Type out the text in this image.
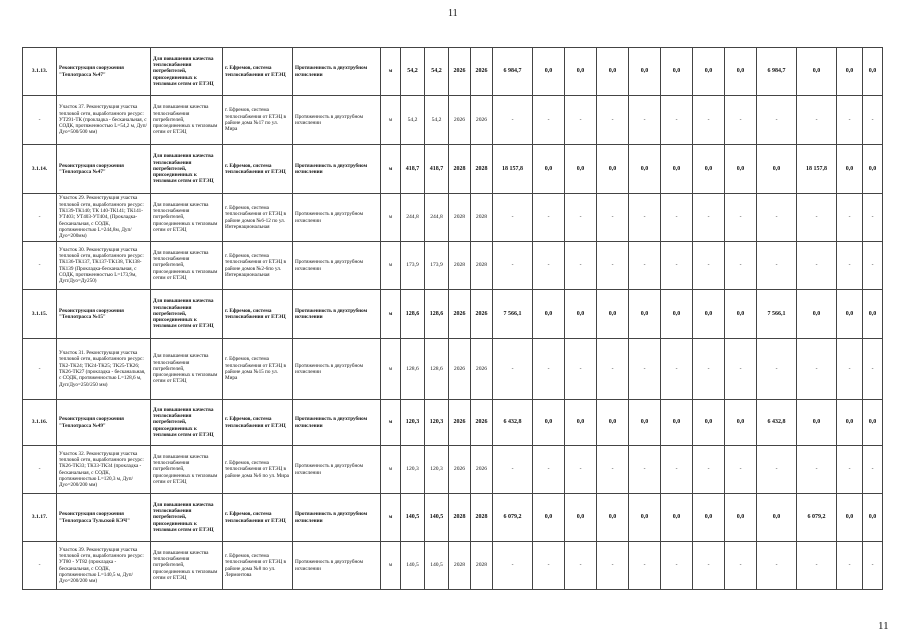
11
3.1.13.	Реконструкция сооружения "Теплотрасса №47"	Для повышения качества теплоснабжения потребителей, присоединенных к тепловым сетям от ЕТЭЦ	г. Ефремов, система теплоснабжения от ЕТЭЦ	Протяженность в двухтрубном исчислении	м	54,2	54,2	2026	2026	6 984,7	0,0	0,0	0,0	0,0	0,0	0,0	0,0	6 984,7	0,0	0,0	0,0
-	Участок 37. Реконструкция участка тепловой сети, выработанного ресурс: УТ291-ТК (прокладка - бесканальная, с СОДК, протяженностью L=54,2 м, Дуп/Дуо=500/500 мм)	Для повышения качества теплоснабжения потребителей, присоединенных к тепловым сетям от ЕТЭЦ	г. Ефремов, система теплоснабжения от ЕТЭЦ в районе дома №17 по ул. Мира	Протяженность в двухтрубном исчислении	м	54,2	54,2	2026	2026	-	-	-	-	-	-	-	-	-	-	-	-
3.1.14.	Реконструкция сооружения "Теплотрасса №47"	Для повышения качества теплоснабжения потребителей, присоединенных к тепловым сетям от ЕТЭЦ	г. Ефремов, система теплоснабжения от ЕТЭЦ	Протяженность в двухтрубном исчислении	м	418,7	418,7	2028	2028	18 157,8	0,0	0,0	0,0	0,0	0,0	0,0	0,0	0,0	18 157,8	0,0	0,0
-	Участок 29. Реконструкция участка тепловой сети, выработанного ресурс: ТК139-ТК140; ТК 140-ТК141; ТК141-УТ403; УТ403-УТ404, (Прокладка-бесканальная, с СОДК, протяженностью L=244,8м, Дуп/Дуо=200мм)	Для повышения качества теплоснабжения потребителей, присоединенных к тепловым сетям от ЕТЭЦ	г. Ефремов, система теплоснабжения от ЕТЭЦ в районе домов №6-12 по ул. Интернациональная	Протяженность в двухтрубном исчислении	м	244,8	244,8	2028	2028	-	-	-	-	-	-	-	-	-	-	-	-
-	Участок 30. Реконструкция участка тепловой сети, выработанного ресурс: ТК136-ТК137, ТК137-ТК138, ТК138-ТК139 (Прокладка-бесканальная, с СОДК, протяженностью L=173,9м, Дуп/Дуо=Ду250)	Для повышения качества теплоснабжения потребителей, присоединенных к тепловым сетям от ЕТЭЦ	г. Ефремов, система теплоснабжения от ЕТЭЦ в районе домов №2-6по ул. Интернациональная	Протяженность в двухтрубном исчислении	м	173,9	173,9	2028	2028	-	-	-	-	-	-	-	-	-	-	-	-
3.1.15.	Реконструкция сооружения "Теплотрасса №15"	Для повышения качества теплоснабжения потребителей, присоединенных к тепловым сетям от ЕТЭЦ	г. Ефремов, система теплоснабжения от ЕТЭЦ	Протяженность в двухтрубном исчислении	м	128,6	128,6	2026	2026	7 566,1	0,0	0,0	0,0	0,0	0,0	0,0	0,0	7 566,1	0,0	0,0	0,0
-	Участок 31. Реконструкция участка тепловой сети, выработанного ресурс: ТК2-ТК24; ТК24-ТК25; ТК25-ТК26; ТК26-ТК27 (прокладка - бесканальная, с СОДК, протяженностью L=128,6 м, Дуп/Дуо=250/250 мм)	Для повышения качества теплоснабжения потребителей, присоединенных к тепловым сетям от ЕТЭЦ	г. Ефремов, система теплоснабжения от ЕТЭЦ в районе дома №15 по ул. Мира	Протяженность в двухтрубном исчислении	м	128,6	128,6	2026	2026	-	-	-	-	-	-	-	-	-	-	-	-
3.1.16.	Реконструкция сооружения "Теплотрасса №49"	Для повышения качества теплоснабжения потребителей, присоединенных к тепловым сетям от ЕТЭЦ	г. Ефремов, система теплоснабжения от ЕТЭЦ	Протяженность в двухтрубном исчислении	м	120,3	120,3	2026	2026	6 432,8	0,0	0,0	0,0	0,0	0,0	0,0	0,0	6 432,8	0,0	0,0	0,0
-	Участок 32. Реконструкция участка тепловой сети, выработанного ресурс: ТК26-ТК33; ТК33-ТК34 (прокладка - бесканальная, с СОДК, протяженностью L=120,3 м, Дуп/Дуо=200/200 мм)	Для повышения качества теплоснабжения потребителей, присоединенных к тепловым сетям от ЕТЭЦ	г. Ефремов, система теплоснабжения от ЕТЭЦ в районе дома №6 по ул. Мира	Протяженность в двухтрубном исчислении	м	120,3	120,3	2026	2026	-	-	-	-	-	-	-	-	-	-	-	-
3.1.17.	Реконструкция сооружения "Теплотрасса Тульской КЭЧ"	Для повышения качества теплоснабжения потребителей, присоединенных к тепловым сетям от ЕТЭЦ	г. Ефремов, система теплоснабжения от ЕТЭЦ	Протяженность в двухтрубном исчислении	м	140,5	140,5	2028	2028	6 079,2	0,0	0,0	0,0	0,0	0,0	0,0	0,0	0,0	6 079,2	0,0	0,0
-	Участок 39. Реконструкция участка тепловой сети, выработанного ресурс: УТ80 - УТ82 (прокладка - бесканальная, с СОДК, протяженностью L=140,5 м, Дуп/Дуо=200/200 мм)	Для повышения качества теплоснабжения потребителей, присоединенных к тепловым сетям от ЕТЭЦ	г. Ефремов, система теплоснабжения от ЕТЭЦ в районе дома №8 по ул. Лермонтова	Протяженность в двухтрубном исчислении	м	140,5	140,5	2028	2028	-	-	-	-	-	-	-	-	-	-	-	-
11
